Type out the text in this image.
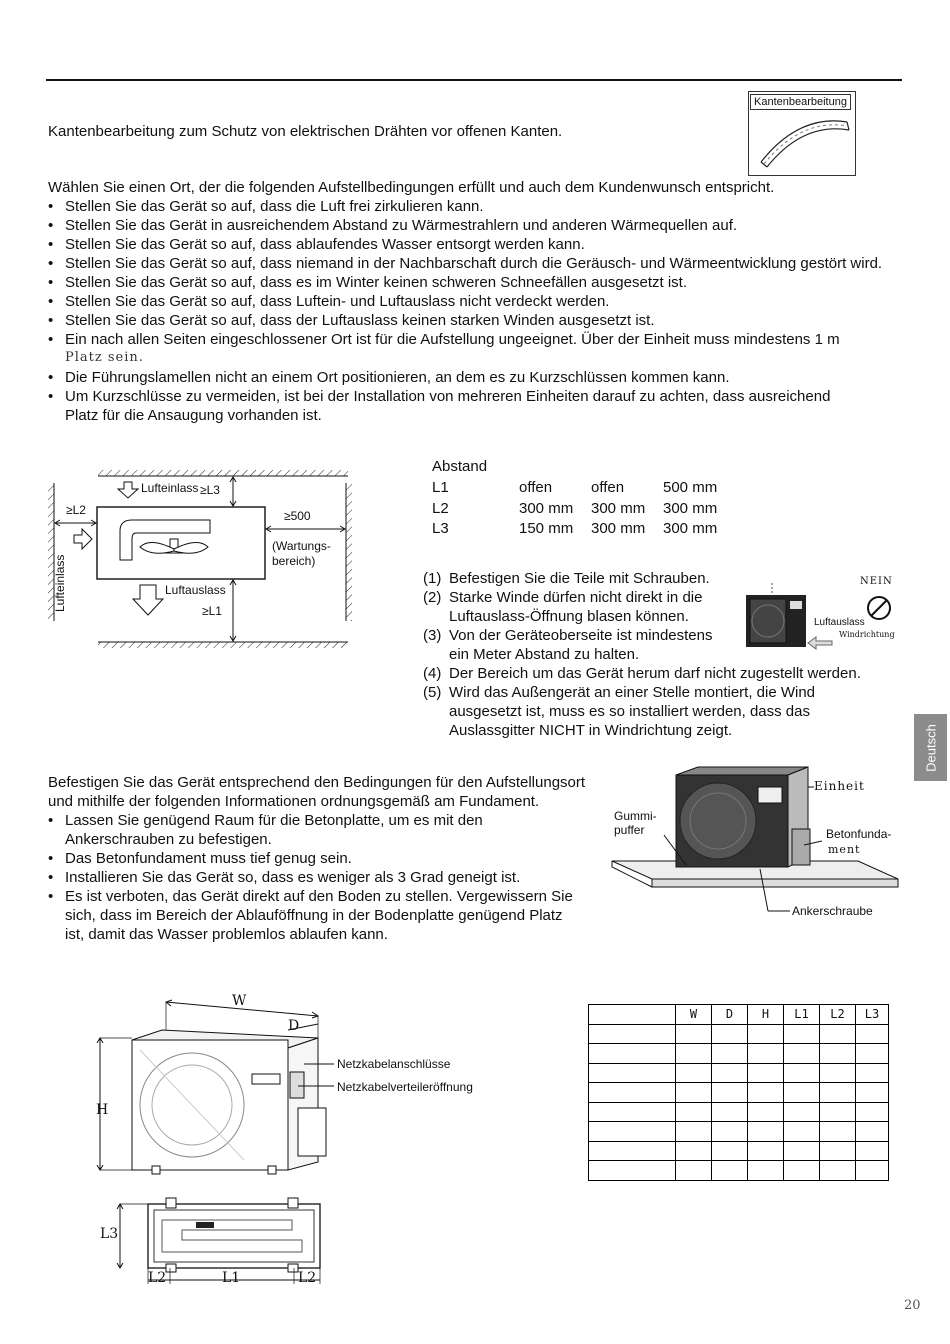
Kantenbearbeitung
Kantenbearbeitung zum Schutz von elektrischen Drähten vor offenen Kanten.
Wählen Sie einen Ort, der die folgenden Aufstellbedingungen erfüllt und auch dem Kundenwunsch entspricht.
• Stellen Sie das Gerät so auf, dass die Luft frei zirkulieren kann.
• Stellen Sie das Gerät in ausreichendem Abstand zu Wärmestrahlern und anderen Wärmequellen auf.
• Stellen Sie das Gerät so auf, dass ablaufendes Wasser entsorgt werden kann.
• Stellen Sie das Gerät so auf, dass niemand in der Nachbarschaft durch die Geräusch- und Wärmeentwicklung gestört wird.
• Stellen Sie das Gerät so auf, dass es im Winter keinen schweren Schneefällen ausgesetzt ist.
• Stellen Sie das Gerät so auf, dass Luftein- und Luftauslass nicht verdeckt werden.
• Stellen Sie das Gerät so auf, dass der Luftauslass keinen starken Winden ausgesetzt ist.
• Ein nach allen Seiten eingeschlossener Ort ist für die Aufstellung ungeeignet. Über der Einheit muss mindestens 1 m
Platz sein.
• Die Führungslamellen nicht an einem Ort positionieren, an dem es zu Kurzschlüssen kommen kann.
• Um Kurzschlüsse zu vermeiden, ist bei der Installation von mehreren Einheiten darauf zu achten, dass ausreichend
Platz für die Ansaugung vorhanden ist.
Lufteinlass ≥L3
≥L2	≥500
(Wartungs-
bereich)
Lufteinlass	Luftauslass
≥L1
Abstand
L1	offen	offen	500 mm
L2	300 mm 300 mm 300 mm
L3	150 mm 300 mm 300 mm
(1) Befestigen Sie die Teile mit Schrauben.
(2) Starke Winde dürfen nicht direkt in die
Luftauslass-Öffnung blasen können.
(3) Von der Geräteoberseite ist mindestens
ein Meter Abstand zu halten.
(4) Der Bereich um das Gerät herum darf nicht zugestellt werden.
(5) Wird das Außengerät an einer Stelle montiert, die Wind
ausgesetzt ist, muss es so installiert werden, dass das
Auslassgitter NICHT in Windrichtung zeigt.
NEIN
Luftauslass
Windrichtung
Deutsch
Befestigen Sie das Gerät entsprechend den Bedingungen für den Aufstellungsort
und mithilfe der folgenden Informationen ordnungsgemäß am Fundament.
• Lassen Sie genügend Raum für die Betonplatte, um es mit den
Ankerschrauben zu befestigen.
• Das Betonfundament muss tief genug sein.
• Installieren Sie das Gerät so, dass es weniger als 3 Grad geneigt ist.
• Es ist verboten, das Gerät direkt auf den Boden zu stellen. Vergewissern Sie
sich, dass im Bereich der Ablauföffnung in der Bodenplatte genügend Platz
ist, damit das Wasser problemlos ablaufen kann.
Einheit
Gummi-
puffer	Betonfunda-
ment
Ankerschraube
W
D
H
Netzkabelanschlüsse
Netzkabelverteileröffnung
L3
L2	L1	L2
	W	D	H	L1	L2	L3

20
